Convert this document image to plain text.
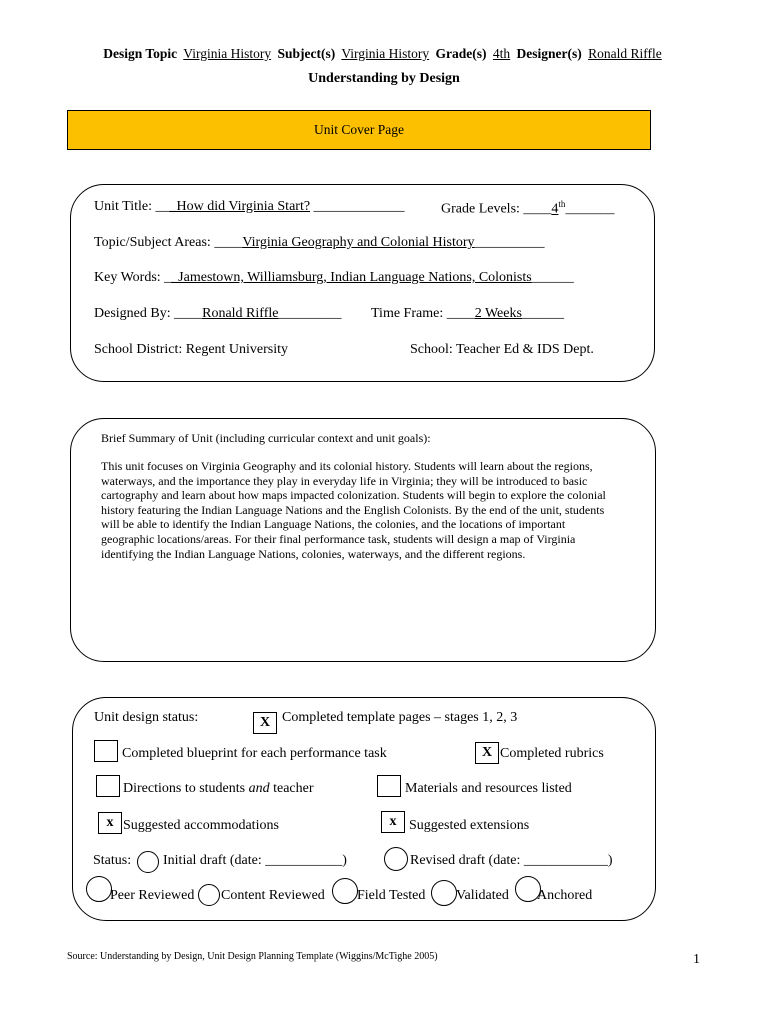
Design Topic Virginia History Subject(s) Virginia History Grade(s) 4th Designer(s) Ronald Riffle
Understanding by Design
Unit Cover Page
Unit Title: ___How did Virginia Start? _____________	Grade Levels: ____4th_______
Topic/Subject Areas: ____Virginia Geography and Colonial History__________
Key Words: __Jamestown, Williamsburg, Indian Language Nations, Colonists______
Designed By: ____Ronald Riffle_________ Time Frame: ____2 Weeks______
School District: Regent University	School: Teacher Ed & IDS Dept.
Brief Summary of Unit (including curricular context and unit goals):
This unit focuses on Virginia Geography and its colonial history. Students will learn about the regions, waterways, and the importance they play in everyday life in Virginia; they will be introduced to basic cartography and learn about how maps impacted colonization. Students will begin to explore the colonial history featuring the Indian Language Nations and the English Colonists. By the end of the unit, students will be able to identify the Indian Language Nations, the colonies, and the locations of important geographic locations/areas. For their final performance task, students will design a map of Virginia identifying the Indian Language Nations, colonies, waterways, and the different regions.
Unit design status:	X Completed template pages – stages 1, 2, 3
Completed blueprint for each performance task	X Completed rubrics
Directions to students and teacher	Materials and resources listed
x Suggested accommodations	x Suggested extensions
Status: Initial draft (date: ___________)	Revised draft (date: ____________)
Peer Reviewed Content Reviewed Field Tested Validated Anchored
Source: Understanding by Design, Unit Design Planning Template (Wiggins/McTighe 2005)	1
